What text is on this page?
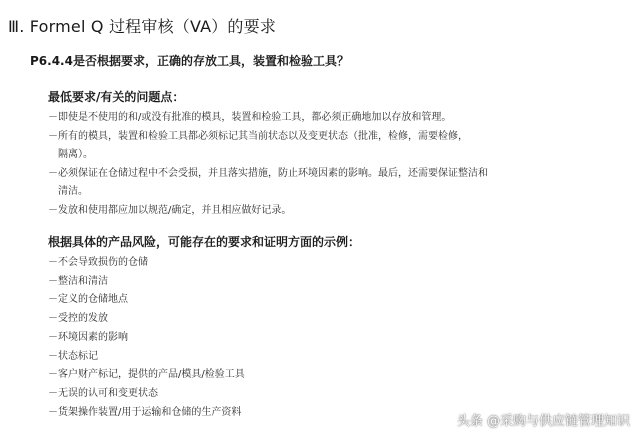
Ⅲ. Formel Q 过程审核（VA）的要求
P6.4.4是否根据要求，正确的存放工具，装置和检验工具？
最低要求/有关的问题点：
－即使是不使用的和/或没有批准的模具，装置和检验工具，都必须正确地加以存放和管理。
－所有的模具，装置和检验工具都必须标记其当前状态以及变更状态（批准，检修，需要检修，
隔离）。
－必须保证在仓储过程中不会受损，并且落实措施，防止环境因素的影响。最后，还需要保证整洁和
清洁。
－发放和使用都应加以规范/确定，并且相应做好记录。
根据具体的产品风险，可能存在的要求和证明方面的示例：
－不会导致损伤的仓储
－整洁和清洁
－定义的仓储地点
－受控的发放
－环境因素的影响
－状态标记
－客户财产标记，提供的产品/模具/检验工具
－无误的认可和变更状态
－货架操作装置/用于运输和仓储的生产资料
头条 @采购与供应链管理知识
